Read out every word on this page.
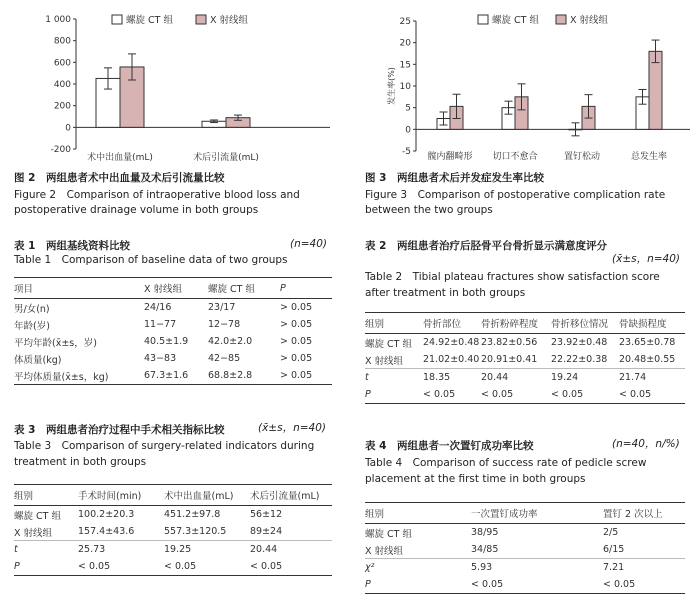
1 000
800
600
400
200
0
-200
术中出血量(mL)	术后引流量(mL)
螺旋 CT 组	X 射线组
图 2　两组患者术中出血量及术后引流量比较
Figure 2　Comparison of intraoperative blood loss and
postoperative drainage volume in both groups
25
20
15
10
5
0
-5
发生率(%)
髋内翻畸形 切口不愈合	置钉松动	总发生率
螺旋 CT 组	X 射线组
图 3　两组患者术后并发症发生率比较
Figure 3　Comparison of postoperative complication rate
between the two groups
表 1　两组基线资料比较	(n=40)
Table 1　Comparison of baseline data of two groups
项目	X 射线组	螺旋 CT 组	P
男/女(n)	24/16	23/17	> 0.05
年龄(岁)	11−77	12−78	> 0.05
平均年龄(x̄±s，岁)	40.5±1.9	42.0±2.0	> 0.05
体质量(kg)	43−83	42−85	> 0.05
平均体质量(x̄±s，kg)	67.3±1.6	68.8±2.8	> 0.05
表 3　两组患者治疗过程中手术相关指标比较	(x̄±s，n=40)
Table 3　Comparison of surgery-related indicators during
treatment in both groups
组别	手术时间(min)	术中出血量(mL)	术后引流量(mL)
螺旋 CT 组	100.2±20.3	451.2±97.8	56±12
X 射线组	157.4±43.6	557.3±120.5	89±24
t	25.73	19.25	20.44
P	< 0.05	< 0.05	< 0.05
表 2　两组患者治疗后胫骨平台骨折显示满意度评分
(x̄±s，n=40)
Table 2　Tibial plateau fractures show satisfaction score
after treatment in both groups
组别	骨折部位	骨折粉碎程度	骨折移位情况	骨缺损程度
螺旋 CT 组	24.92±0.48	23.82±0.56	23.92±0.48	23.65±0.78
X 射线组	21.02±0.40	20.91±0.41	22.22±0.38	20.48±0.55
t	18.35	20.44	19.24	21.74
P	< 0.05	< 0.05	< 0.05	< 0.05
表 4　两组患者一次置钉成功率比较	(n=40，n/%)
Table 4　Comparison of success rate of pedicle screw
placement at the first time in both groups
组别	一次置钉成功率	置钉 2 次以上
螺旋 CT 组	38/95	2/5
X 射线组	34/85	6/15
χ²	5.93	7.21
P	< 0.05	< 0.05
